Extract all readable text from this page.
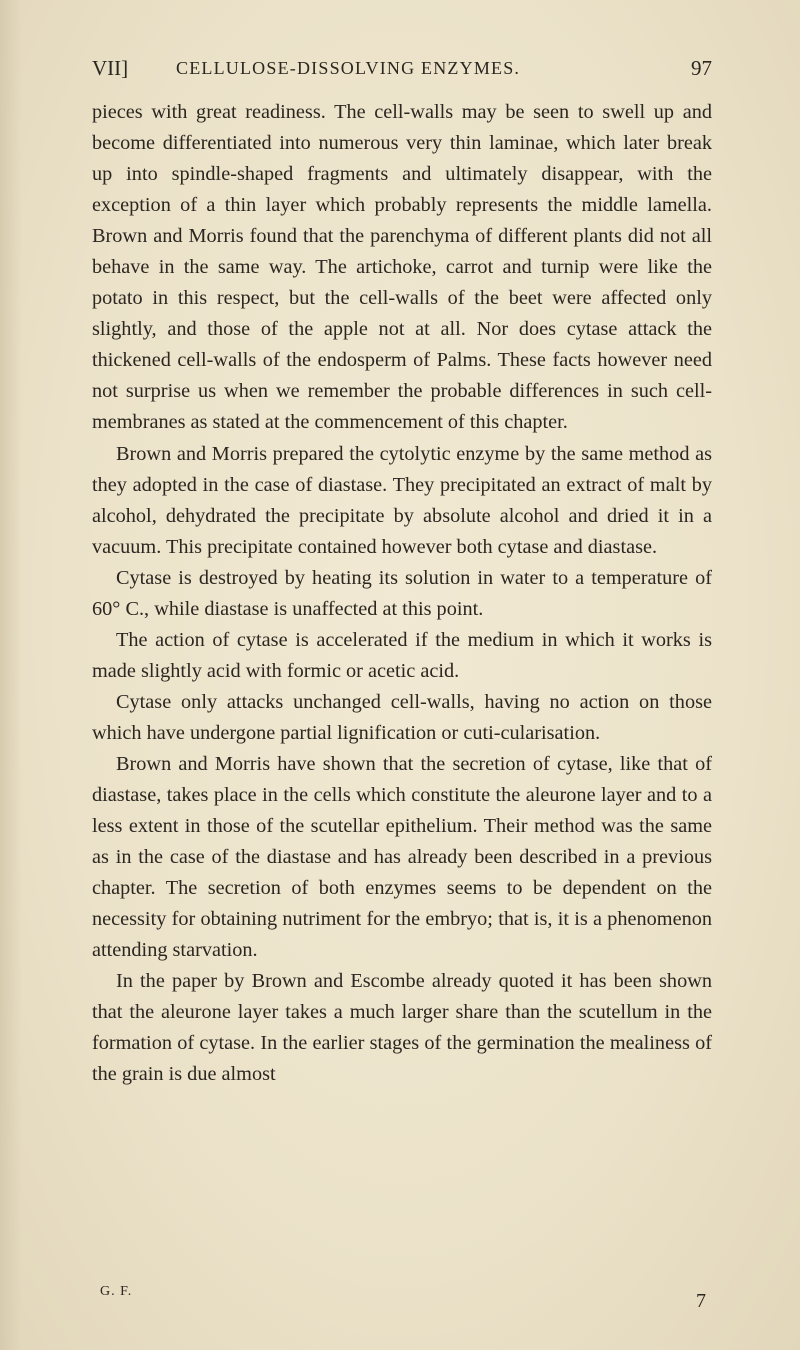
VII]	CELLULOSE-DISSOLVING ENZYMES.	97

pieces with great readiness. The cell-walls may be seen to swell up and become differentiated into numerous very thin laminae, which later break up into spindle-shaped fragments and ultimately disappear, with the exception of a thin layer which probably represents the middle lamella. Brown and Morris found that the parenchyma of different plants did not all behave in the same way. The artichoke, carrot and turnip were like the potato in this respect, but the cell-walls of the beet were affected only slightly, and those of the apple not at all. Nor does cytase attack the thickened cell-walls of the endosperm of Palms. These facts however need not surprise us when we remember the probable differences in such cell-membranes as stated at the commencement of this chapter.

Brown and Morris prepared the cytolytic enzyme by the same method as they adopted in the case of diastase. They precipitated an extract of malt by alcohol, dehydrated the precipitate by absolute alcohol and dried it in a vacuum. This precipitate contained however both cytase and diastase.

Cytase is destroyed by heating its solution in water to a temperature of 60° C., while diastase is unaffected at this point.

The action of cytase is accelerated if the medium in which it works is made slightly acid with formic or acetic acid.

Cytase only attacks unchanged cell-walls, having no action on those which have undergone partial lignification or cuti-cularisation.

Brown and Morris have shown that the secretion of cytase, like that of diastase, takes place in the cells which constitute the aleurone layer and to a less extent in those of the scutellar epithelium. Their method was the same as in the case of the diastase and has already been described in a previous chapter. The secretion of both enzymes seems to be dependent on the necessity for obtaining nutriment for the embryo; that is, it is a phenomenon attending starvation.

In the paper by Brown and Escombe already quoted it has been shown that the aleurone layer takes a much larger share than the scutellum in the formation of cytase. In the earlier stages of the germination the mealiness of the grain is due almost

G. F.	7
